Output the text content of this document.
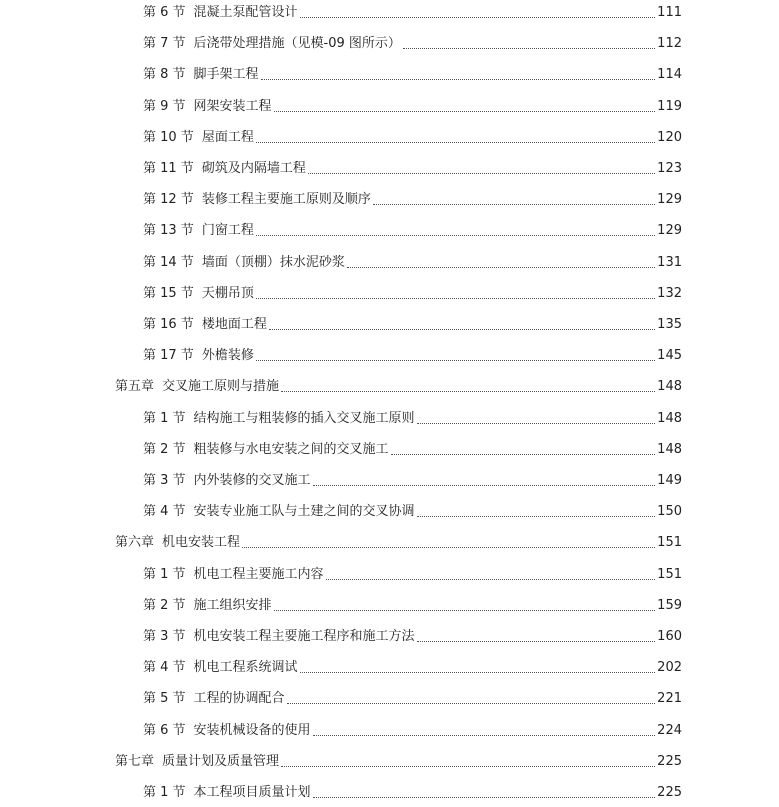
第 6 节 混凝土泵配管设计	111
第 7 节 后浇带处理措施（见模-09 图所示）	112
第 8 节 脚手架工程	114
第 9 节 网架安装工程	119
第 10 节 屋面工程	120
第 11 节 砌筑及内隔墙工程	123
第 12 节 装修工程主要施工原则及顺序	129
第 13 节 门窗工程	129
第 14 节 墙面（顶棚）抹水泥砂浆	131
第 15 节 天棚吊顶	132
第 16 节 楼地面工程	135
第 17 节 外檐装修	145
第五章 交叉施工原则与措施	148
第 1 节 结构施工与粗装修的插入交叉施工原则	148
第 2 节 粗装修与水电安装之间的交叉施工	148
第 3 节 内外装修的交叉施工	149
第 4 节 安装专业施工队与土建之间的交叉协调	150
第六章 机电安装工程	151
第 1 节 机电工程主要施工内容	151
第 2 节 施工组织安排	159
第 3 节 机电安装工程主要施工程序和施工方法	160
第 4 节 机电工程系统调试	202
第 5 节 工程的协调配合	221
第 6 节 安装机械设备的使用	224
第七章 质量计划及质量管理	225
第 1 节 本工程项目质量计划	225
